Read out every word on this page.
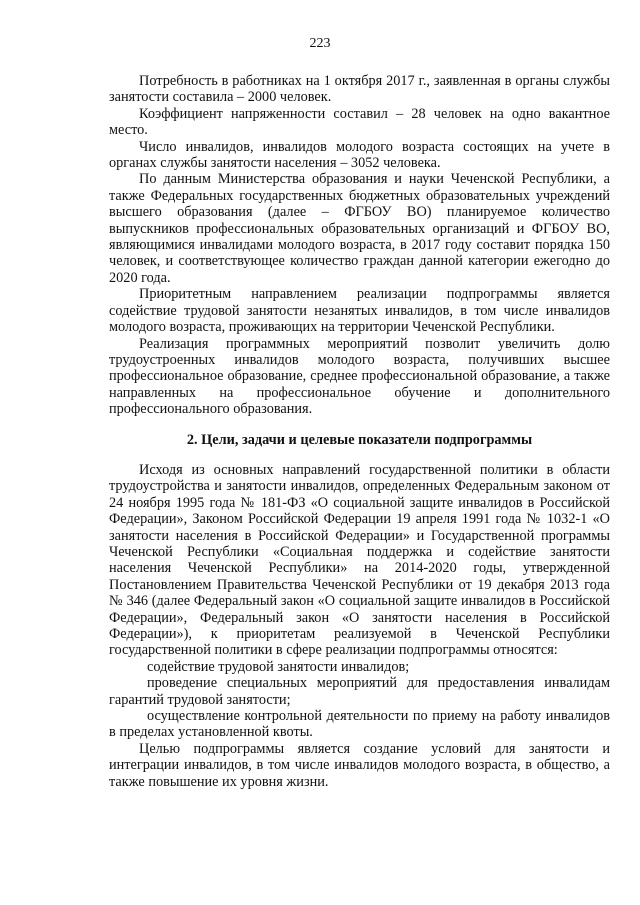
223

Потребность в работниках на 1 октября 2017 г., заявленная в органы службы занятости составила – 2000 человек.

Коэффициент напряженности составил – 28 человек на одно вакантное место.

Число инвалидов, инвалидов молодого возраста состоящих на учете в органах службы занятости населения – 3052 человека.

По данным Министерства образования и науки Чеченской Республики, а также Федеральных государственных бюджетных образовательных учреждений высшего образования (далее – ФГБОУ ВО) планируемое количество выпускников профессиональных образовательных организаций и ФГБОУ ВО, являющимися инвалидами молодого возраста, в 2017 году составит порядка 150 человек, и соответствующее количество граждан данной категории ежегодно до 2020 года.

Приоритетным направлением реализации подпрограммы является содействие трудовой занятости незанятых инвалидов, в том числе инвалидов молодого возраста, проживающих на территории Чеченской Республики.

Реализация программных мероприятий позволит увеличить долю трудоустроенных инвалидов молодого возраста, получивших высшее профессиональное образование, среднее профессиональной образование, а также направленных на профессиональное обучение и дополнительного профессионального образования.

2. Цели, задачи и целевые показатели подпрограммы

Исходя из основных направлений государственной политики в области трудоустройства и занятости инвалидов, определенных Федеральным законом от 24 ноября 1995 года № 181-ФЗ «О социальной защите инвалидов в Российской Федерации», Законом Российской Федерации 19 апреля 1991 года № 1032-1 «О занятости населения в Российской Федерации» и Государственной программы Чеченской Республики «Социальная поддержка и содействие занятости населения Чеченской Республики» на 2014-2020 годы, утвержденной Постановлением Правительства Чеченской Республики от 19 декабря 2013 года № 346 (далее Федеральный закон «О социальной защите инвалидов в Российской Федерации», Федеральный закон «О занятости населения в Российской Федерации»), к приоритетам реализуемой в Чеченской Республики государственной политики в сфере реализации подпрограммы относятся:

содействие трудовой занятости инвалидов;

проведение специальных мероприятий для предоставления инвалидам гарантий трудовой занятости;

осуществление контрольной деятельности по приему на работу инвалидов в пределах установленной квоты.

Целью подпрограммы является создание условий для занятости и интеграции инвалидов, в том числе инвалидов молодого возраста, в общество, а также повышение их уровня жизни.
